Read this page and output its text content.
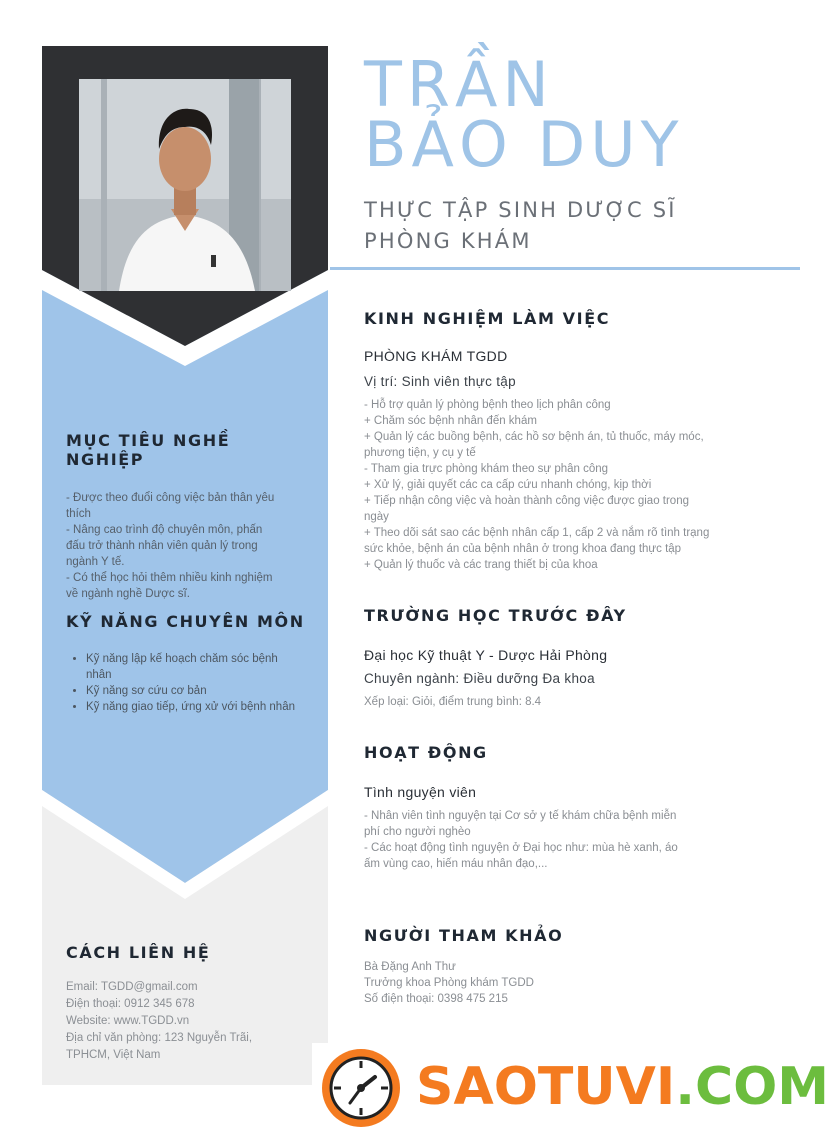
MỤC TIÊU NGHỀ NGHIỆP

- Được theo đuổi công việc bản thân yêu

thích

- Nâng cao trình độ chuyên môn, phấn

đấu trở thành nhân viên quản lý trong

ngành Y tế.

- Có thể học hỏi thêm nhiều kinh nghiệm

về ngành nghề Dược sĩ.

KỸ NĂNG CHUYÊN MÔN
• Kỹ năng lập kế hoạch chăm sóc bệnh nhân
• Kỹ năng sơ cứu cơ bản
• Kỹ năng giao tiếp, ứng xử với bệnh nhân
CÁCH LIÊN HỆ

Email: TGDD@gmail.com

Điện thoại: 0912 345 678

Website: www.TGDD.vn

Địa chỉ văn phòng: 123 Nguyễn Trãi,

TPHCM, Việt Nam

TRẦN
BẢO DUY
THỰC TẬP SINH DƯỢC SĨ
PHÒNG KHÁM
KINH NGHIỆM LÀM VIỆC

PHÒNG KHÁM TGDD

Vị trí: Sinh viên thực tập

- Hỗ trợ quản lý phòng bệnh theo lịch phân công
+ Chăm sóc bệnh nhân đến khám
+ Quản lý các buồng bệnh, các hồ sơ bệnh án, tủ thuốc, máy móc,
phương tiện, y cụ y tế
- Tham gia trực phòng khám theo sự phân công
+ Xử lý, giải quyết các ca cấp cứu nhanh chóng, kịp thời
+ Tiếp nhận công việc và hoàn thành công việc được giao trong
ngày
+ Theo dõi sát sao các bệnh nhân cấp 1, cấp 2 và nắm rõ tình trạng
sức khỏe, bệnh án của bệnh nhân ở trong khoa đang thực tập
+ Quản lý thuốc và các trang thiết bị của khoa
TRƯỜNG HỌC TRƯỚC ĐÂY

Đại học Kỹ thuật Y - Dược Hải Phòng

Chuyên ngành: Điều dưỡng Đa khoa

Xếp loại: Giỏi, điểm trung bình: 8.4

HOẠT ĐỘNG

Tình nguyện viên

- Nhân viên tình nguyện tại Cơ sở y tế khám chữa bệnh miễn
phí cho người nghèo
- Các hoạt động tình nguyện ở Đại học như: mùa hè xanh, áo
ấm vùng cao, hiến máu nhân đạo,...
NGƯỜI THAM KHẢO
Bà Đặng Anh Thư
Trưởng khoa Phòng khám TGDD
Số điện thoại: 0398 475 215
SAOTUVI.COM
